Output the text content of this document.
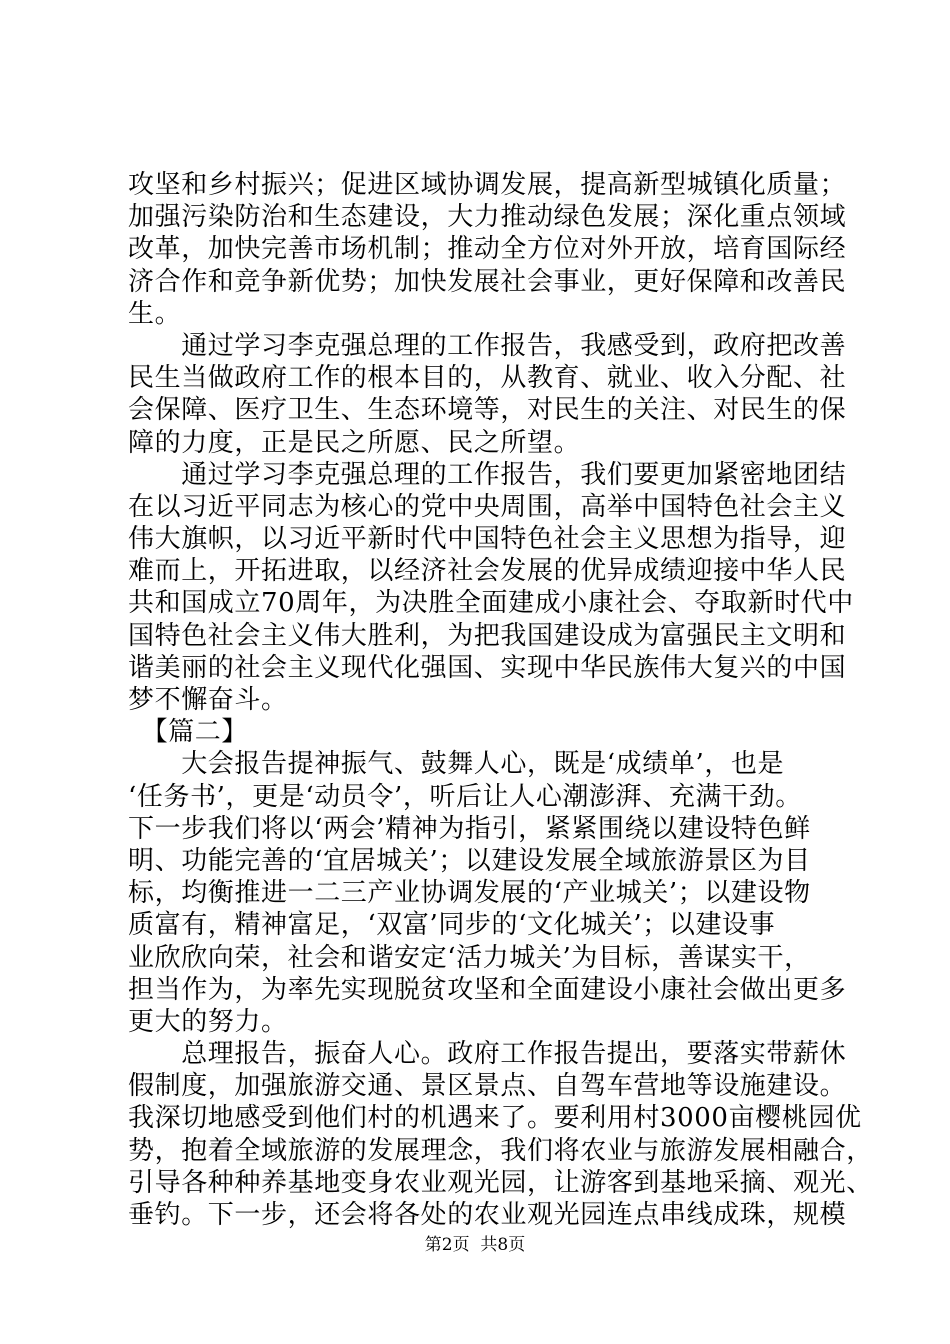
攻坚和乡村振兴；促进区域协调发展，提高新型城镇化质量；
加强污染防治和生态建设，大力推动绿色发展；深化重点领域
改革，加快完善市场机制；推动全方位对外开放，培育国际经
济合作和竞争新优势；加快发展社会事业，更好保障和改善民
生。
　　通过学习李克强总理的工作报告，我感受到，政府把改善
民生当做政府工作的根本目的，从教育、就业、收入分配、社
会保障、医疗卫生、生态环境等，对民生的关注、对民生的保
障的力度，正是民之所愿、民之所望。
　　通过学习李克强总理的工作报告，我们要更加紧密地团结
在以习近平同志为核心的党中央周围，高举中国特色社会主义
伟大旗帜，以习近平新时代中国特色社会主义思想为指导，迎
难而上，开拓进取，以经济社会发展的优异成绩迎接中华人民
共和国成立70周年，为决胜全面建成小康社会、夺取新时代中
国特色社会主义伟大胜利，为把我国建设成为富强民主文明和
谐美丽的社会主义现代化强国、实现中华民族伟大复兴的中国
梦不懈奋斗。
　【篇二】
　　大会报告提神振气、鼓舞人心，既是‘成绩单’，也是
‘任务书’，更是‘动员令’，听后让人心潮澎湃、充满干劲。
下一步我们将以‘两会’精神为指引，紧紧围绕以建设特色鲜
明、功能完善的‘宜居城关’；以建设发展全域旅游景区为目
标，均衡推进一二三产业协调发展的‘产业城关’；以建设物
质富有，精神富足，‘双富’同步的‘文化城关’；以建设事
业欣欣向荣，社会和谐安定‘活力城关’为目标，善谋实干，
担当作为，为率先实现脱贫攻坚和全面建设小康社会做出更多
更大的努力。
　　总理报告，振奋人心。政府工作报告提出，要落实带薪休
假制度，加强旅游交通、景区景点、自驾车营地等设施建设。
我深切地感受到他们村的机遇来了。要利用村3000亩樱桃园优
势，抱着全域旅游的发展理念，我们将农业与旅游发展相融合，
引导各种种养基地变身农业观光园，让游客到基地采摘、观光、
垂钓。下一步，还会将各处的农业观光园连点串线成珠，规模
第2页  共8页
